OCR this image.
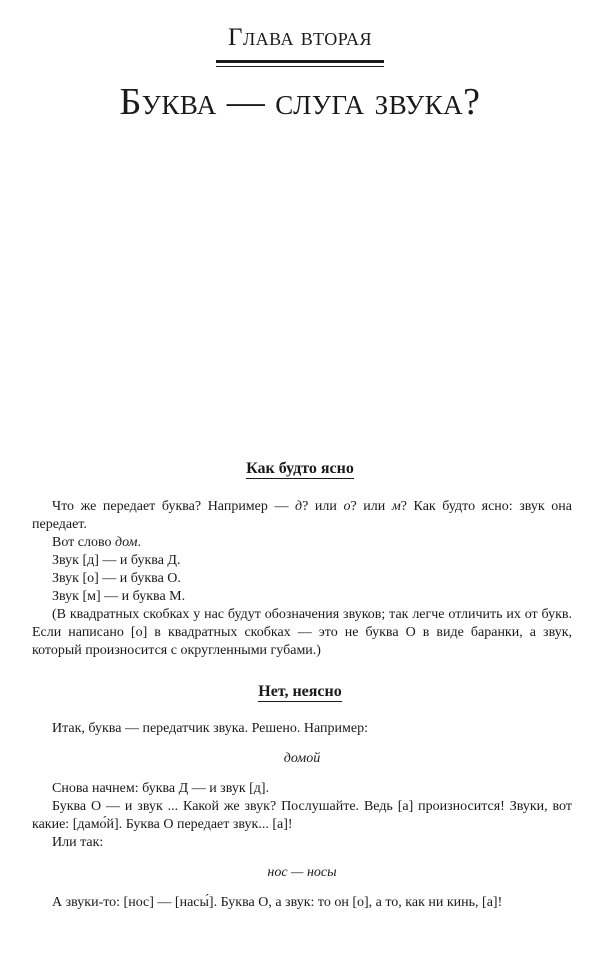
Глава вторая
Буква — слуга звука?
Как будто ясно

Что же передает буква? Например — д? или о? или м? Как будто ясно: звук она передает.

Вот слово дом.

Звук [д] — и буква Д.

Звук [о] — и буква О.

Звук [м] — и буква М.

(В квадратных скобках у нас будут обозначения звуков; так легче отличить их от букв. Если написано [о] в квадратных скобках — это не буква О в виде баранки, а звук, который произносится с округленными губами.)

Нет, неясно

Итак, буква — передатчик звука. Решено. Например:

домой

Снова начнем: буква Д — и звук [д].

Буква О — и звук ... Какой же звук? Послушайте. Ведь [а] произносится! Звуки, вот какие: [дамо́й]. Буква О передает звук... [а]!

Или так:

нос — носы

А звуки-то: [нос] — [насы́]. Буква О, а звук: то он [о], а то, как ни кинь, [а]!
